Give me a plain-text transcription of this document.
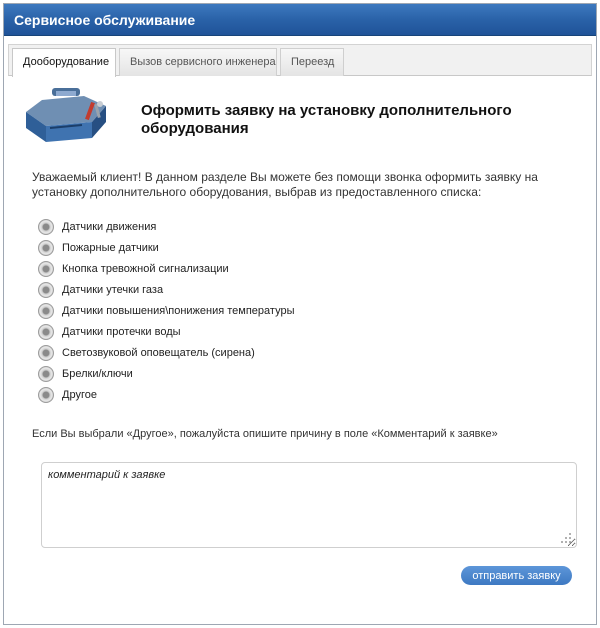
Сервисное обслуживание
Дооборудование	Вызов сервисного инженера	Переезд
Оформить заявку на установку дополнительного оборудования
Уважаемый клиент! В данном разделе Вы можете без помощи звонка оформить заявку на установку дополнительного оборудования, выбрав из предоставленного списка:
Датчики движения
Пожарные датчики
Кнопка тревожной сигнализации
Датчики утечки газа
Датчики повышения\понижения температуры
Датчики протечки воды
Светозвуковой оповещатель (сирена)
Брелки/ключи
Другое
Если Вы выбрали «Другое», пожалуйста опишите причину в поле «Комментарий к заявке»
комментарий к заявке
отправить заявку
